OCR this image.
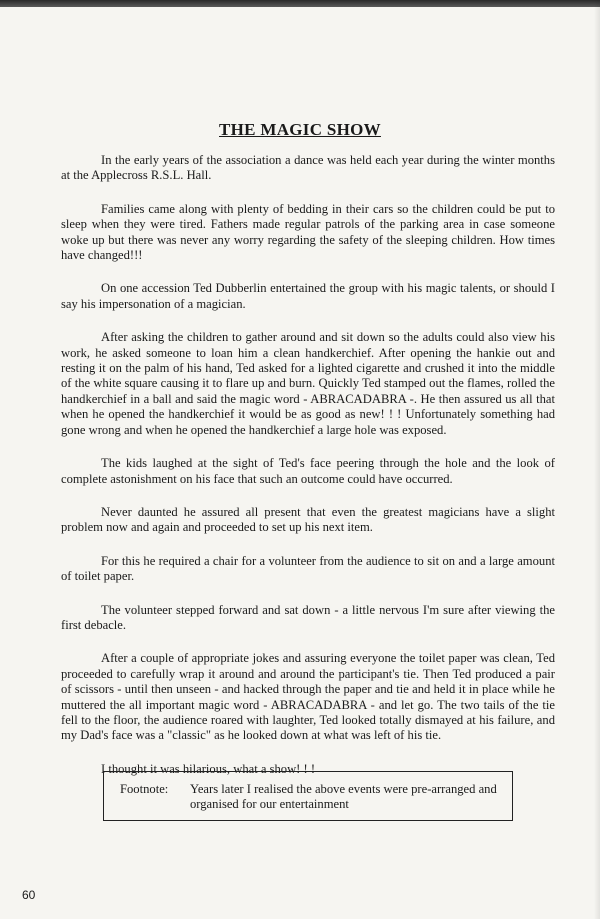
THE MAGIC SHOW

In the early years of the association a dance was held each year during the winter months at the Applecross R.S.L. Hall.

Families came along with plenty of bedding in their cars so the children could be put to sleep when they were tired. Fathers made regular patrols of the parking area in case someone woke up but there was never any worry regarding the safety of the sleeping children. How times have changed!!!

On one accession Ted Dubberlin entertained the group with his magic talents, or should I say his impersonation of a magician.

After asking the children to gather around and sit down so the adults could also view his work, he asked someone to loan him a clean handkerchief. After opening the hankie out and resting it on the palm of his hand, Ted asked for a lighted cigarette and crushed it into the middle of the white square causing it to flare up and burn. Quickly Ted stamped out the flames, rolled the handkerchief in a ball and said the magic word - ABRACADABRA -. He then assured us all that when he opened the handkerchief it would be as good as new! ! ! Unfortunately something had gone wrong and when he opened the handkerchief a large hole was exposed.

The kids laughed at the sight of Ted's face peering through the hole and the look of complete astonishment on his face that such an outcome could have occurred.

Never daunted he assured all present that even the greatest magicians have a slight problem now and again and proceeded to set up his next item.

For this he required a chair for a volunteer from the audience to sit on and a large amount of toilet paper.

The volunteer stepped forward and sat down - a little nervous I'm sure after viewing the first debacle.

After a couple of appropriate jokes and assuring everyone the toilet paper was clean, Ted proceeded to carefully wrap it around and around the participant's tie. Then Ted produced a pair of scissors - until then unseen - and hacked through the paper and tie and held it in place while he muttered the all important magic word - ABRACADABRA - and let go. The two tails of the tie fell to the floor, the audience roared with laughter, Ted looked totally dismayed at his failure, and my Dad's face was a "classic" as he looked down at what was left of his tie.

I thought it was hilarious, what a show! ! !

Footnote: Years later I realised the above events were pre-arranged and organised for our entertainment
60
